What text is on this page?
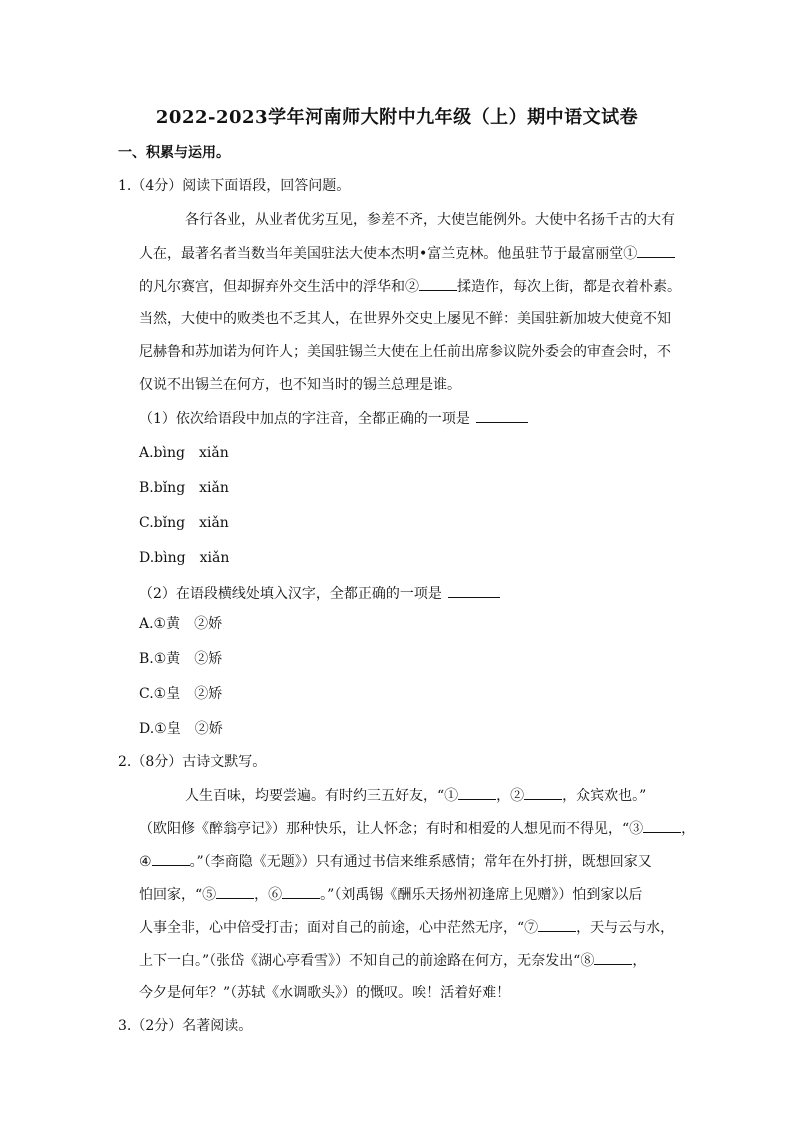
2022-2023学年河南师大附中九年级（上）期中语文试卷
一、积累与运用。
1.（4分）阅读下面语段，回答问题。
各行各业，从业者优劣互见，参差不齐，大使岂能例外。大使中名扬千古的大有
人在，最著名者当数当年美国驻法大使本杰明•富兰克林。他虽驻节于最富丽堂①
的凡尔赛宫，但却摒弃外交生活中的浮华和②	揉造作，每次上街，都是衣着朴素。
当然，大使中的败类也不乏其人，在世界外交史上屡见不鲜：美国驻新加坡大使竟不知
尼赫鲁和苏加诺为何许人；美国驻锡兰大使在上任前出席参议院外委会的审查会时，不
仅说不出锡兰在何方，也不知当时的锡兰总理是谁。
（1）依次给语段中加点的字注音，全都正确的一项是
A.bìng　xiǎn
B.bǐng　xiǎn
C.bǐng　xiǎn
D.bìng　xiǎn
（2）在语段横线处填入汉字，全都正确的一项是
A.①黄　②娇
B.①黄　②矫
C.①皇　②矫
D.①皇　②娇
2.（8分）古诗文默写。
人生百味，均要尝遍。有时约三五好友，“①	，②	，众宾欢也。”
（欧阳修《醉翁亭记》）那种快乐，让人怀念；有时和相爱的人想见而不得见，“③	，
④	。”（李商隐《无题》）只有通过书信来维系感情；常年在外打拼，既想回家又
怕回家，“⑤	，⑥	。”（刘禹锡《酬乐天扬州初逢席上见赠》）怕到家以后
人事全非，心中倍受打击；面对自己的前途，心中茫然无序，“⑦	，天与云与水，
上下一白。”（张岱《湖心亭看雪》）不知自己的前途路在何方，无奈发出“⑧	，
今夕是何年？”（苏轼《水调歌头》）的慨叹。唉！活着好难！
3.（2分）名著阅读。
